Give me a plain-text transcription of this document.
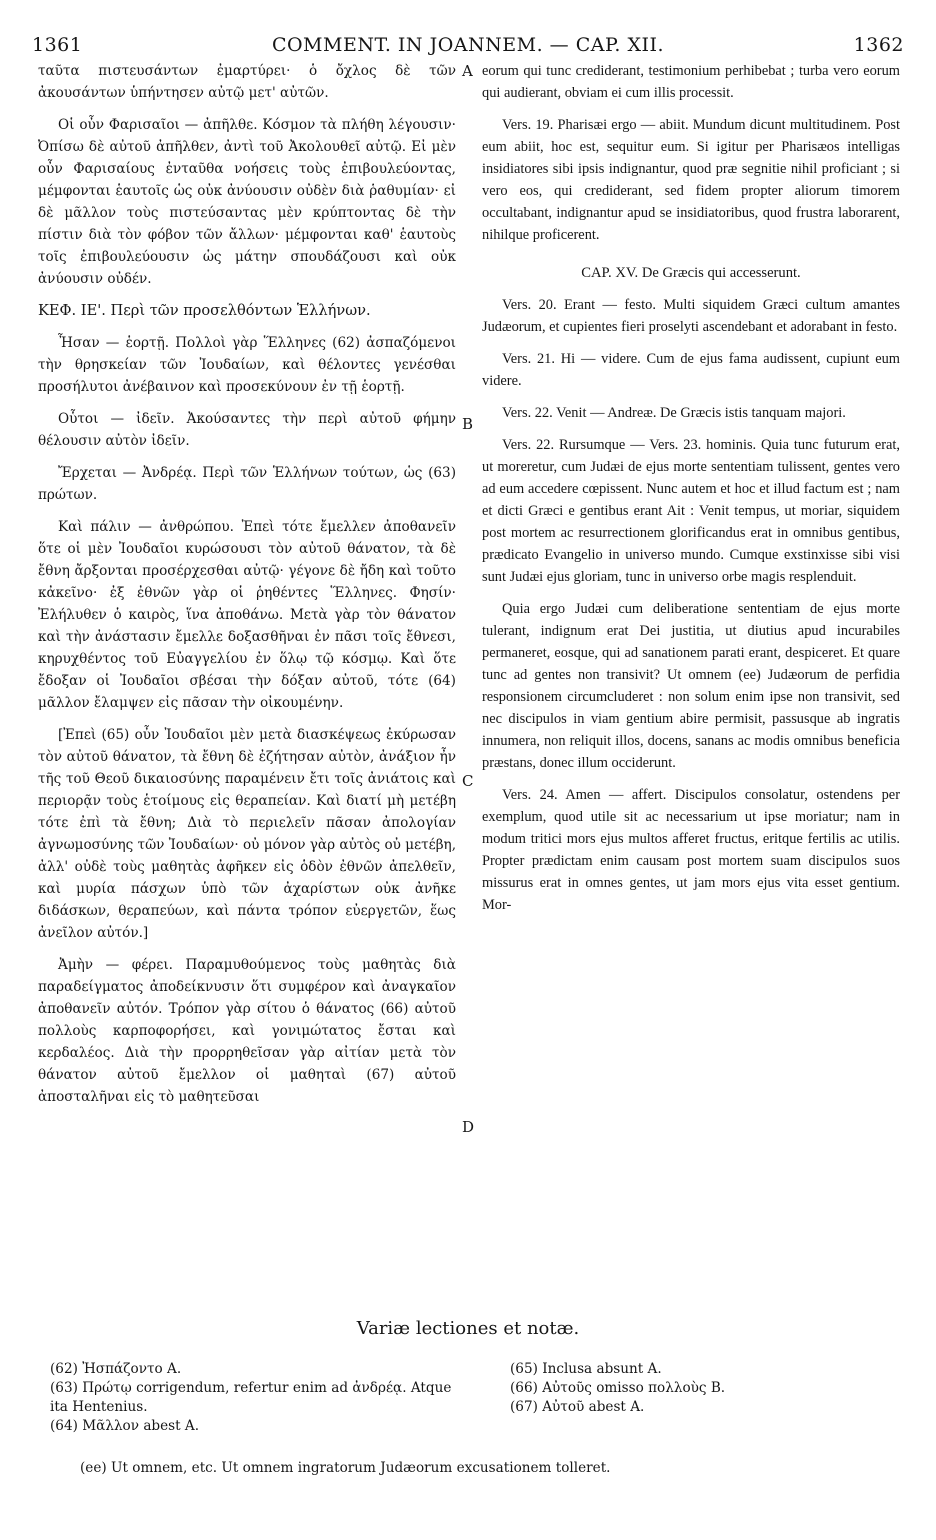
1361	COMMENT. IN JOANNEM. — CAP. XII.	1362
A
B
C
D

ταῦτα πιστευσάντων ἐμαρτύρει· ὁ ὄχλος δὲ τῶν ἀκουσάντων ὑπήντησεν αὐτῷ μετ' αὐτῶν.

Οἱ οὖν Φαρισαῖοι — ἀπῆλθε. Κόσμον τὰ πλήθη λέγουσιν· Ὀπίσω δὲ αὐτοῦ ἀπῆλθεν, ἀντὶ τοῦ Ἀκολουθεῖ αὐτῷ. Εἰ μὲν οὖν Φαρισαίους ἐνταῦθα νοήσεις τοὺς ἐπιβουλεύοντας, μέμφονται ἑαυτοῖς ὡς οὐκ ἀνύουσιν οὐδὲν διὰ ῥαθυμίαν· εἰ δὲ μᾶλλον τοὺς πιστεύσαντας μὲν κρύπτοντας δὲ τὴν πίστιν διὰ τὸν φόβον τῶν ἄλλων· μέμφονται καθ' ἑαυτοὺς τοῖς ἐπιβουλεύουσιν ὡς μάτην σπουδάζουσι καὶ οὐκ ἀνύουσιν οὐδέν.

ΚΕΦ. ΙΕ'. Περὶ τῶν προσελθόντων Ἑλλήνων.

Ἦσαν — ἑορτῇ. Πολλοὶ γὰρ Ἕλληνες (62) ἀσπαζόμενοι τὴν θρησκείαν τῶν Ἰουδαίων, καὶ θέλοντες γενέσθαι προσήλυτοι ἀνέβαινον καὶ προσεκύνουν ἐν τῇ ἑορτῇ.

Οὗτοι — ἰδεῖν. Ἀκούσαντες τὴν περὶ αὐτοῦ φήμην θέλουσιν αὐτὸν ἰδεῖν.

Ἔρχεται — Ἀνδρέᾳ. Περὶ τῶν Ἑλλήνων τούτων, ὡς (63) πρώτων.

Καὶ πάλιν — ἀνθρώπου. Ἐπεὶ τότε ἔμελλεν ἀποθανεῖν ὅτε οἱ μὲν Ἰουδαῖοι κυρώσουσι τὸν αὐτοῦ θάνατον, τὰ δὲ ἔθνη ἄρξονται προσέρχεσθαι αὐτῷ· γέγονε δὲ ἤδη καὶ τοῦτο κἀκεῖνο· ἐξ ἐθνῶν γὰρ οἱ ῥηθέντες Ἕλληνες. Φησίν· Ἐλήλυθεν ὁ καιρὸς, ἵνα ἀποθάνω. Μετὰ γὰρ τὸν θάνατον καὶ τὴν ἀνάστασιν ἔμελλε δοξασθῆναι ἐν πᾶσι τοῖς ἔθνεσι, κηρυχθέντος τοῦ Εὐαγγελίου ἐν ὅλῳ τῷ κόσμῳ. Καὶ ὅτε ἔδοξαν οἱ Ἰουδαῖοι σβέσαι τὴν δόξαν αὐτοῦ, τότε (64) μᾶλλον ἔλαμψεν εἰς πᾶσαν τὴν οἰκουμένην.

[Ἐπεὶ (65) οὖν Ἰουδαῖοι μὲν μετὰ διασκέψεως ἐκύρωσαν τὸν αὐτοῦ θάνατον, τὰ ἔθνη δὲ ἐζήτησαν αὐτὸν, ἀνάξιον ἦν τῆς τοῦ Θεοῦ δικαιοσύνης παραμένειν ἔτι τοῖς ἀνιάτοις καὶ περιορᾷν τοὺς ἑτοίμους εἰς θεραπείαν. Καὶ διατί μὴ μετέβη τότε ἐπὶ τὰ ἔθνη; Διὰ τὸ περιελεῖν πᾶσαν ἀπολογίαν ἀγνωμοσύνης τῶν Ἰουδαίων· οὐ μόνον γὰρ αὐτὸς οὐ μετέβη, ἀλλ' οὐδὲ τοὺς μαθητὰς ἀφῆκεν εἰς ὁδὸν ἐθνῶν ἀπελθεῖν, καὶ μυρία πάσχων ὑπὸ τῶν ἀχαρίστων οὐκ ἀνῆκε διδάσκων, θεραπεύων, καὶ πάντα τρόπον εὐεργετῶν, ἕως ἀνεῖλον αὐτόν.]

Ἀμὴν — φέρει. Παραμυθούμενος τοὺς μαθητὰς διὰ παραδείγματος ἀποδείκνυσιν ὅτι συμφέρον καὶ ἀναγκαῖον ἀποθανεῖν αὐτόν. Τρόπον γὰρ σίτου ὁ θάνατος (66) αὐτοῦ πολλοὺς καρποφορήσει, καὶ γονιμώτατος ἔσται καὶ κερδαλέος. Διὰ τὴν προρρηθεῖσαν γὰρ αἰτίαν μετὰ τὸν θάνατον αὐτοῦ ἔμελλον οἱ μαθηταὶ (67) αὐτοῦ ἀποσταλῆναι εἰς τὸ μαθητεῦσαι

eorum qui tunc crediderant, testimonium perhibebat ; turba vero eorum qui audierant, obviam ei cum illis processit.

Vers. 19. Pharisæi ergo — abiit. Mundum dicunt multitudinem. Post eum abiit, hoc est, sequitur eum. Si igitur per Pharisæos intelligas insidiatores sibi ipsis indignantur, quod præ segnitie nihil proficiant ; si vero eos, qui crediderant, sed fidem propter aliorum timorem occultabant, indignantur apud se insidiatoribus, quod frustra laborarent, nihilque proficerent.

CAP. XV. De Græcis qui accesserunt.

Vers. 20. Erant — festo. Multi siquidem Græci cultum amantes Judæorum, et cupientes fieri proselyti ascendebant et adorabant in festo.

Vers. 21. Hi — videre. Cum de ejus fama audissent, cupiunt eum videre.

Vers. 22. Venit — Andreæ. De Græcis istis tanquam majori.

Vers. 22. Rursumque — Vers. 23. hominis. Quia tunc futurum erat, ut moreretur, cum Judæi de ejus morte sententiam tulissent, gentes vero ad eum accedere cœpissent. Nunc autem et hoc et illud factum est ; nam et dicti Græci e gentibus erant Ait : Venit tempus, ut moriar, siquidem post mortem ac resurrectionem glorificandus erat in omnibus gentibus, prædicato Evangelio in universo mundo. Cumque exstinxisse sibi visi sunt Judæi ejus gloriam, tunc in universo orbe magis resplenduit.

Quia ergo Judæi cum deliberatione sententiam de ejus morte tulerant, indignum erat Dei justitia, ut diutius apud incurabiles permaneret, eosque, qui ad sanationem parati erant, despiceret. Et quare tunc ad gentes non transivit? Ut omnem (ee) Judæorum de perfidia responsionem circumcluderet : non solum enim ipse non transivit, sed nec discipulos in viam gentium abire permisit, passusque ab ingratis innumera, non reliquit illos, docens, sanans ac modis omnibus beneficia præstans, donec illum occiderunt.

Vers. 24. Amen — affert. Discipulos consolatur, ostendens per exemplum, quod utile sit ac necessarium ut ipse moriatur; nam in modum tritici mors ejus multos afferet fructus, eritque fertilis ac utilis. Propter prædictam enim causam post mortem suam discipulos suos missurus erat in omnes gentes, ut jam mors ejus vita esset gentium. Mor-

Variæ lectiones et notæ.
(62) Ἠσπάζοντο A.
(63) Πρώτῳ corrigendum, refertur enim ad ἀνδρέᾳ. Atque ita Hentenius.
(64) Μᾶλλον abest A.
(65) Inclusa absunt A.
(66) Αὐτοῦς omisso πολλοὺς B.
(67) Αὐτοῦ abest A.
(ee) Ut omnem, etc. Ut omnem ingratorum Judæorum excusationem tolleret.
